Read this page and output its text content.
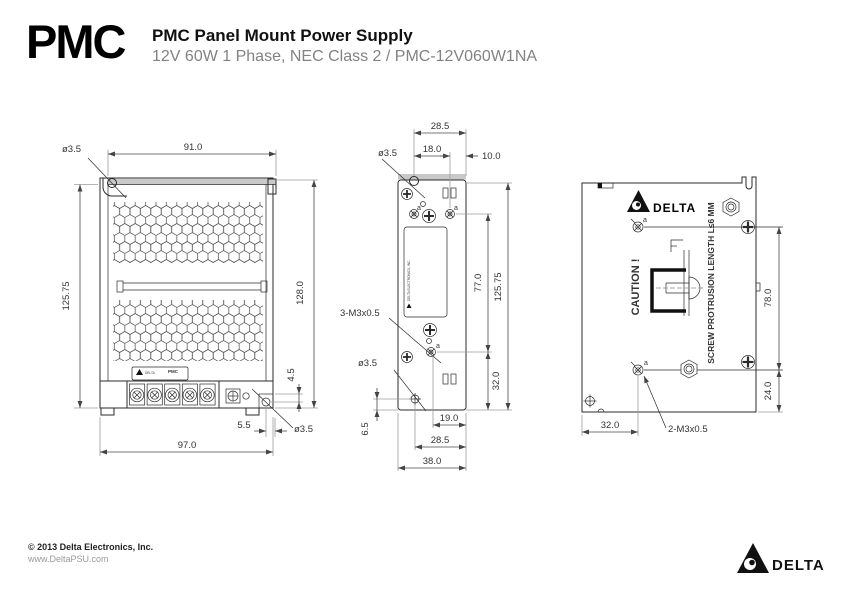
PMC PMC Panel Mount Power Supply
12V 60W 1 Phase, NEC Class 2 / PMC-12V060W1NA
DELTA	PMC
ø3.5	91.0
125.75	128.0
4.5
5.5	ø3.5
97.0
a	a
DELTA ELECTRONICS, INC.
a
28.5
18.0
10.0
ø3.5
77.0
32.0
125.75
3-M3x0.5
ø3.5
6.5
19.0
28.5
38.0
DELTA
a
CAUTION !	SCREW PROTRUSION LENGTH L≤6 MM
a
32.0	2-M3x0.5
78.0
24.0
© 2013 Delta Electronics, Inc.
www.DeltaPSU.com	DELTA
